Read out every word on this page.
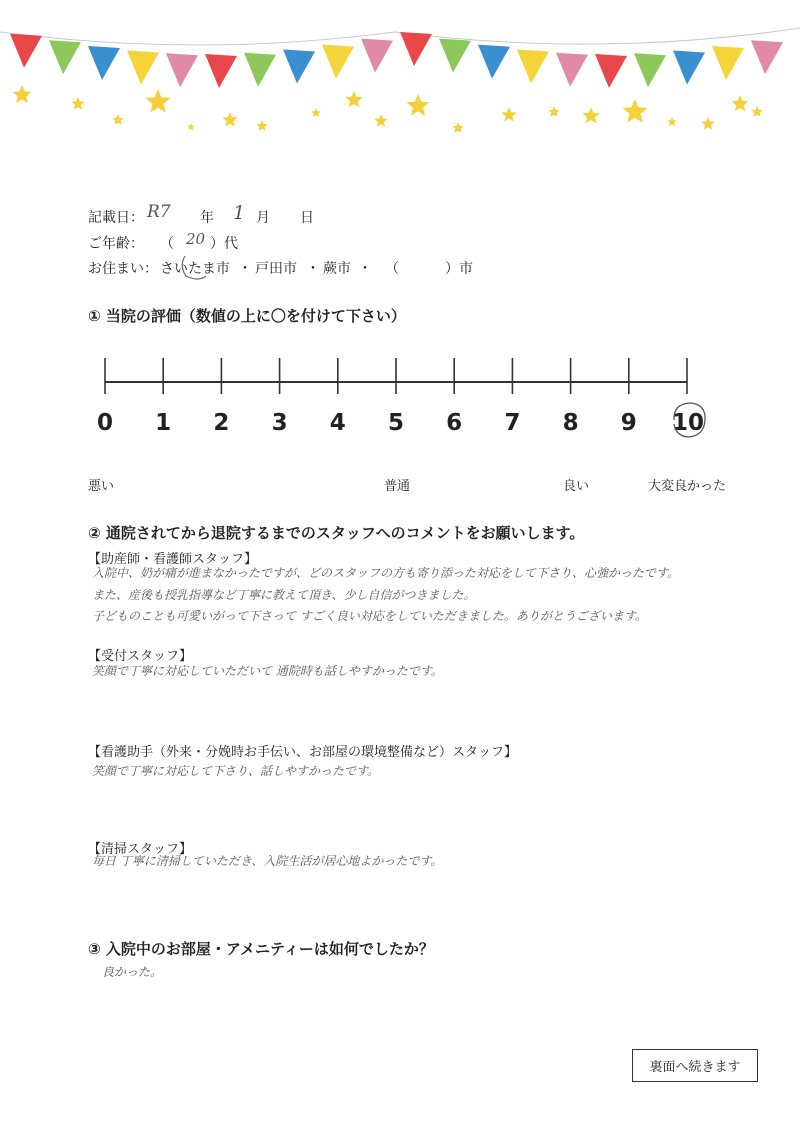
記載日： R7 年 1 月 日
ご年齢： （ 20 ）代
お住まい： さいたま市 ・ 戸田市 ・ 蕨市 ・ （	）市
① 当院の評価（数値の上に〇を付けて下さい）
0	1	2	3	4	5	6	7	8	9	10
悪い	普通	良い	大変良かった
② 通院されてから退院するまでのスタッフへのコメントをお願いします。
【助産師・看護師スタッフ】
入院中、奶が痛が進まなかったですが、どのスタッフの方も寄り添った対応をして下さり、心強かったです。
また、産後も授乳指導など丁寧に教えて頂き、少し自信がつきました。
子どものことも可愛いがって下さって すごく良い対応をしていただきました。ありがとうございます。
【受付スタッフ】
笑顔で丁寧に対応していただいて 通院時も話しやすかったです。
【看護助手（外来・分娩時お手伝い、お部屋の環境整備など）スタッフ】
笑顔で丁寧に対応して下さり、話しやすかったです。
【清掃スタッフ】
毎日 丁寧に清掃していただき、入院生活が居心地よかったです。
③ 入院中のお部屋・アメニティーは如何でしたか？
良かった。
裏面へ続きます
